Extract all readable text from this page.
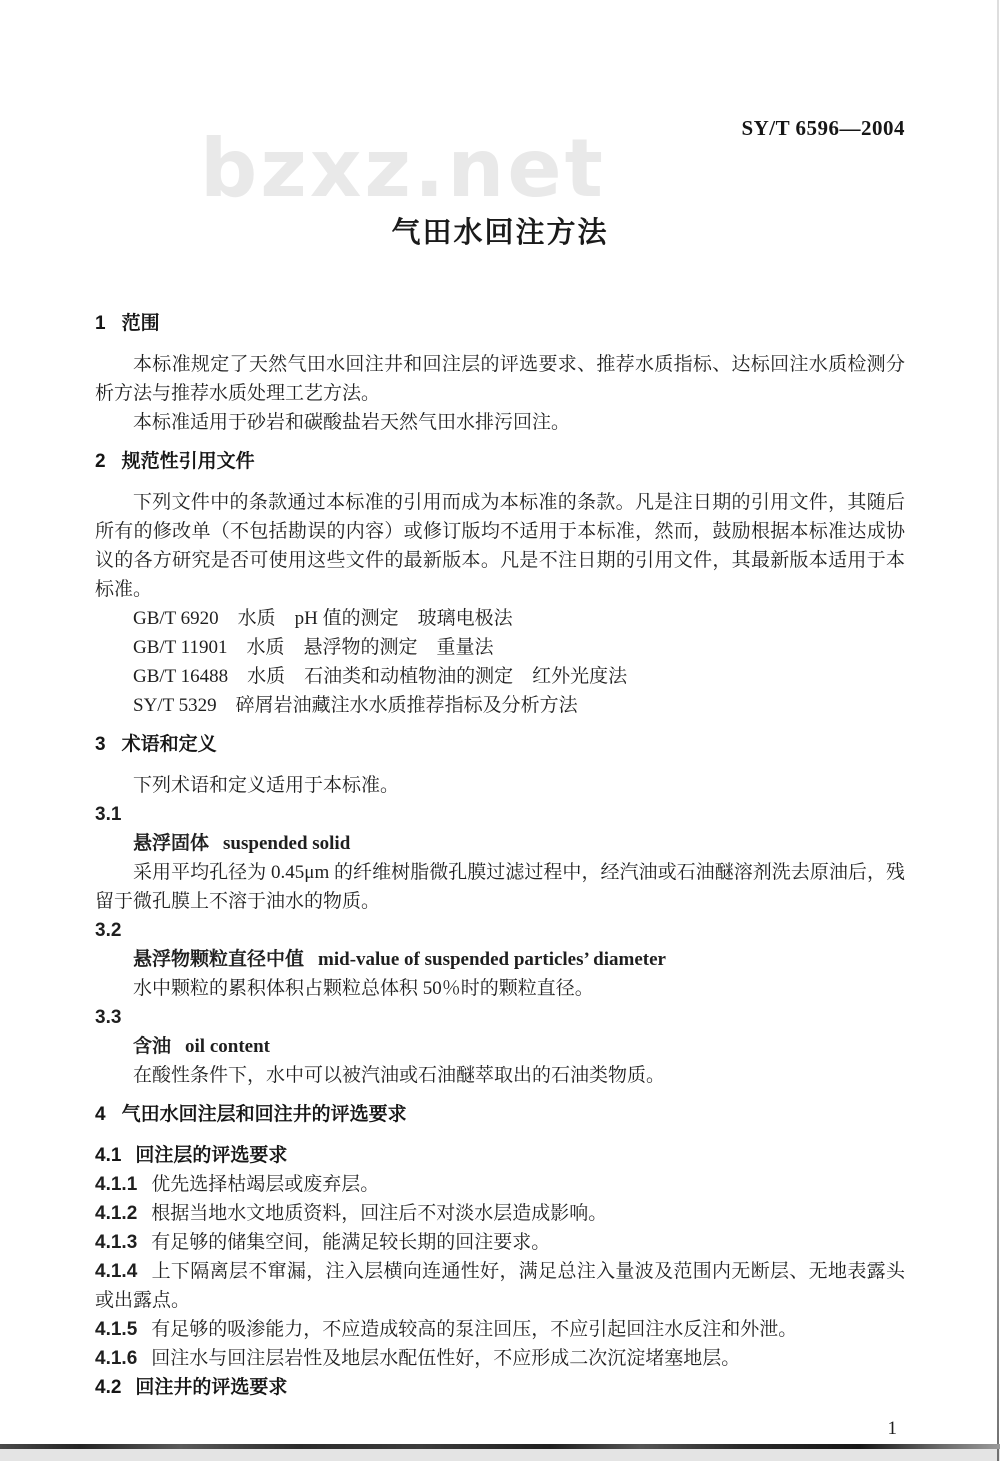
bzxz.net	SY/T 6596—2004
气田水回注方法
1 范围

本标准规定了天然气田水回注井和回注层的评选要求、推荐水质指标、达标回注水质检测分析方法与推荐水质处理工艺方法。

本标准适用于砂岩和碳酸盐岩天然气田水排污回注。

2 规范性引用文件

下列文件中的条款通过本标准的引用而成为本标准的条款。凡是注日期的引用文件，其随后所有的修改单（不包括勘误的内容）或修订版均不适用于本标准，然而，鼓励根据本标准达成协议的各方研究是否可使用这些文件的最新版本。凡是不注日期的引用文件，其最新版本适用于本标准。

GB/T 6920　水质　pH 值的测定　玻璃电极法

GB/T 11901　水质　悬浮物的测定　重量法

GB/T 16488　水质　石油类和动植物油的测定　红外光度法

SY/T 5329　碎屑岩油藏注水水质推荐指标及分析方法

3 术语和定义

下列术语和定义适用于本标准。

3.1

悬浮固体 suspended solid

采用平均孔径为 0.45μm 的纤维树脂微孔膜过滤过程中，经汽油或石油醚溶剂洗去原油后，残留于微孔膜上不溶于油水的物质。

3.2

悬浮物颗粒直径中值 mid-value of suspended particles’ diameter

水中颗粒的累积体积占颗粒总体积 50％时的颗粒直径。

3.3

含油 oil content

在酸性条件下，水中可以被汽油或石油醚萃取出的石油类物质。

4 气田水回注层和回注井的评选要求
4.1 回注层的评选要求

4.1.1 优先选择枯竭层或废弃层。

4.1.2 根据当地水文地质资料，回注后不对淡水层造成影响。

4.1.3 有足够的储集空间，能满足较长期的回注要求。

4.1.4 上下隔离层不窜漏，注入层横向连通性好，满足总注入量波及范围内无断层、无地表露头或出露点。

4.1.5 有足够的吸渗能力，不应造成较高的泵注回压，不应引起回注水反注和外泄。

4.1.6 回注水与回注层岩性及地层水配伍性好，不应形成二次沉淀堵塞地层。

4.2 回注井的评选要求
1
